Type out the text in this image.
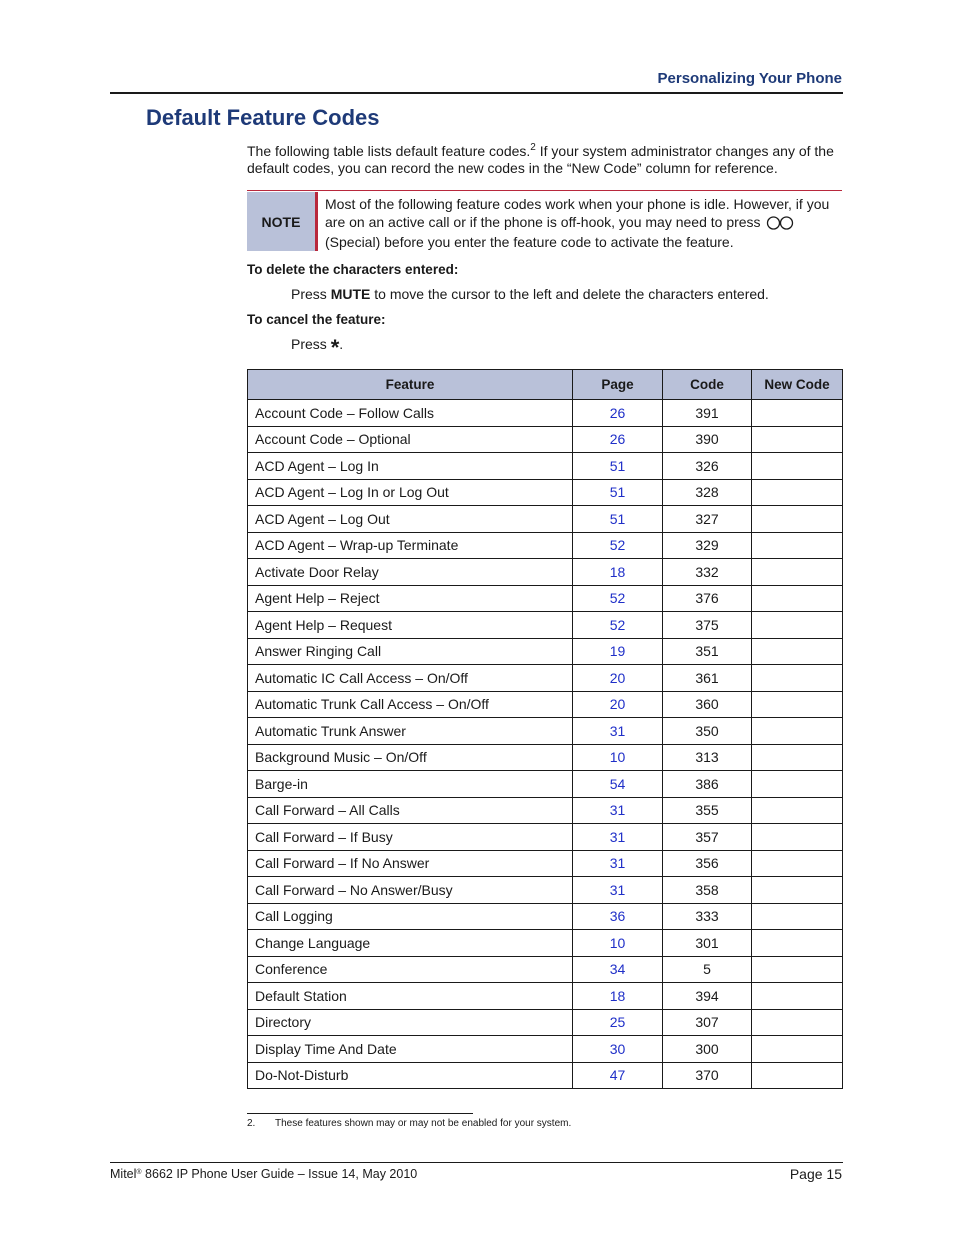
Personalizing Your Phone
Default Feature Codes
The following table lists default feature codes.$^2$ If your system administrator changes any of the default codes, you can record the new codes in the “New Code” column for reference.
NOTE
Most of the following feature codes work when your phone is idle. However, if you are on an active call or if the phone is off-hook, you may need to press
(Special) before you enter the feature code to activate the feature.
To delete the characters entered:
Press MUTE to move the cursor to the left and delete the characters entered.
To cancel the feature:
Press *.
Feature	Page	Code	New Code
Account Code – Follow Calls	26	391	
Account Code – Optional	26	390	
ACD Agent – Log In	51	326	
ACD Agent – Log In or Log Out	51	328	
ACD Agent – Log Out	51	327	
ACD Agent – Wrap-up Terminate	52	329	
Activate Door Relay	18	332	
Agent Help – Reject	52	376	
Agent Help – Request	52	375	
Answer Ringing Call	19	351	
Automatic IC Call Access – On/Off	20	361	
Automatic Trunk Call Access – On/Off	20	360	
Automatic Trunk Answer	31	350	
Background Music – On/Off	10	313	
Barge-in	54	386	
Call Forward – All Calls	31	355	
Call Forward – If Busy	31	357	
Call Forward – If No Answer	31	356	
Call Forward – No Answer/Busy	31	358	
Call Logging	36	333	
Change Language	10	301	
Conference	34	5	
Default Station	18	394	
Directory	25	307	
Display Time And Date	30	300	
Do-Not-Disturb	47	370	
2. These features shown may or may not be enabled for your system.
Mitel® 8662 IP Phone User Guide – Issue 14, May 2010	Page 15
